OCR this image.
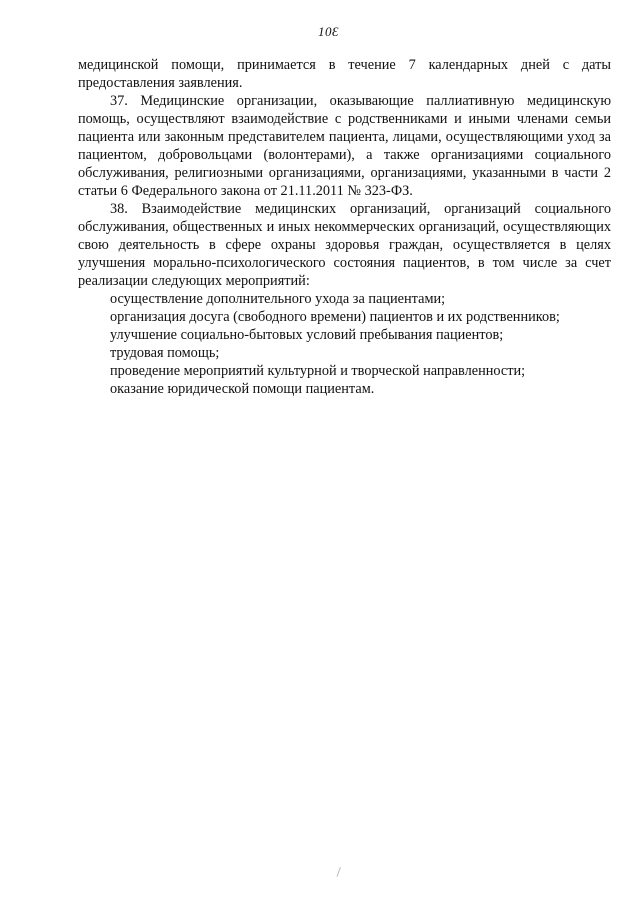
10Ɛ

медицинской помощи, принимается в течение 7 календарных дней с даты предоставления заявления.

37. Медицинские организации, оказывающие паллиативную медицинскую помощь, осуществляют взаимодействие с родственниками и иными членами семьи пациента или законным представителем пациента, лицами, осуществляющими уход за пациентом, добровольцами (волонтерами), а также организациями социального обслуживания, религиозными организациями, организациями, указанными в части 2 статьи 6 Федерального закона от 21.11.2011 № 323-ФЗ.

38. Взаимодействие медицинских организаций, организаций социального обслуживания, общественных и иных некоммерческих организаций, осуществляющих свою деятельность в сфере охраны здоровья граждан, осуществляется в целях улучшения морально-психологического состояния пациентов, в том числе за счет реализации следующих мероприятий:

осуществление дополнительного ухода за пациентами;
организация досуга (свободного времени) пациентов и их родственников;
улучшение социально-бытовых условий пребывания пациентов;
трудовая помощь;
проведение мероприятий культурной и творческой направленности;
оказание юридической помощи пациентам.
